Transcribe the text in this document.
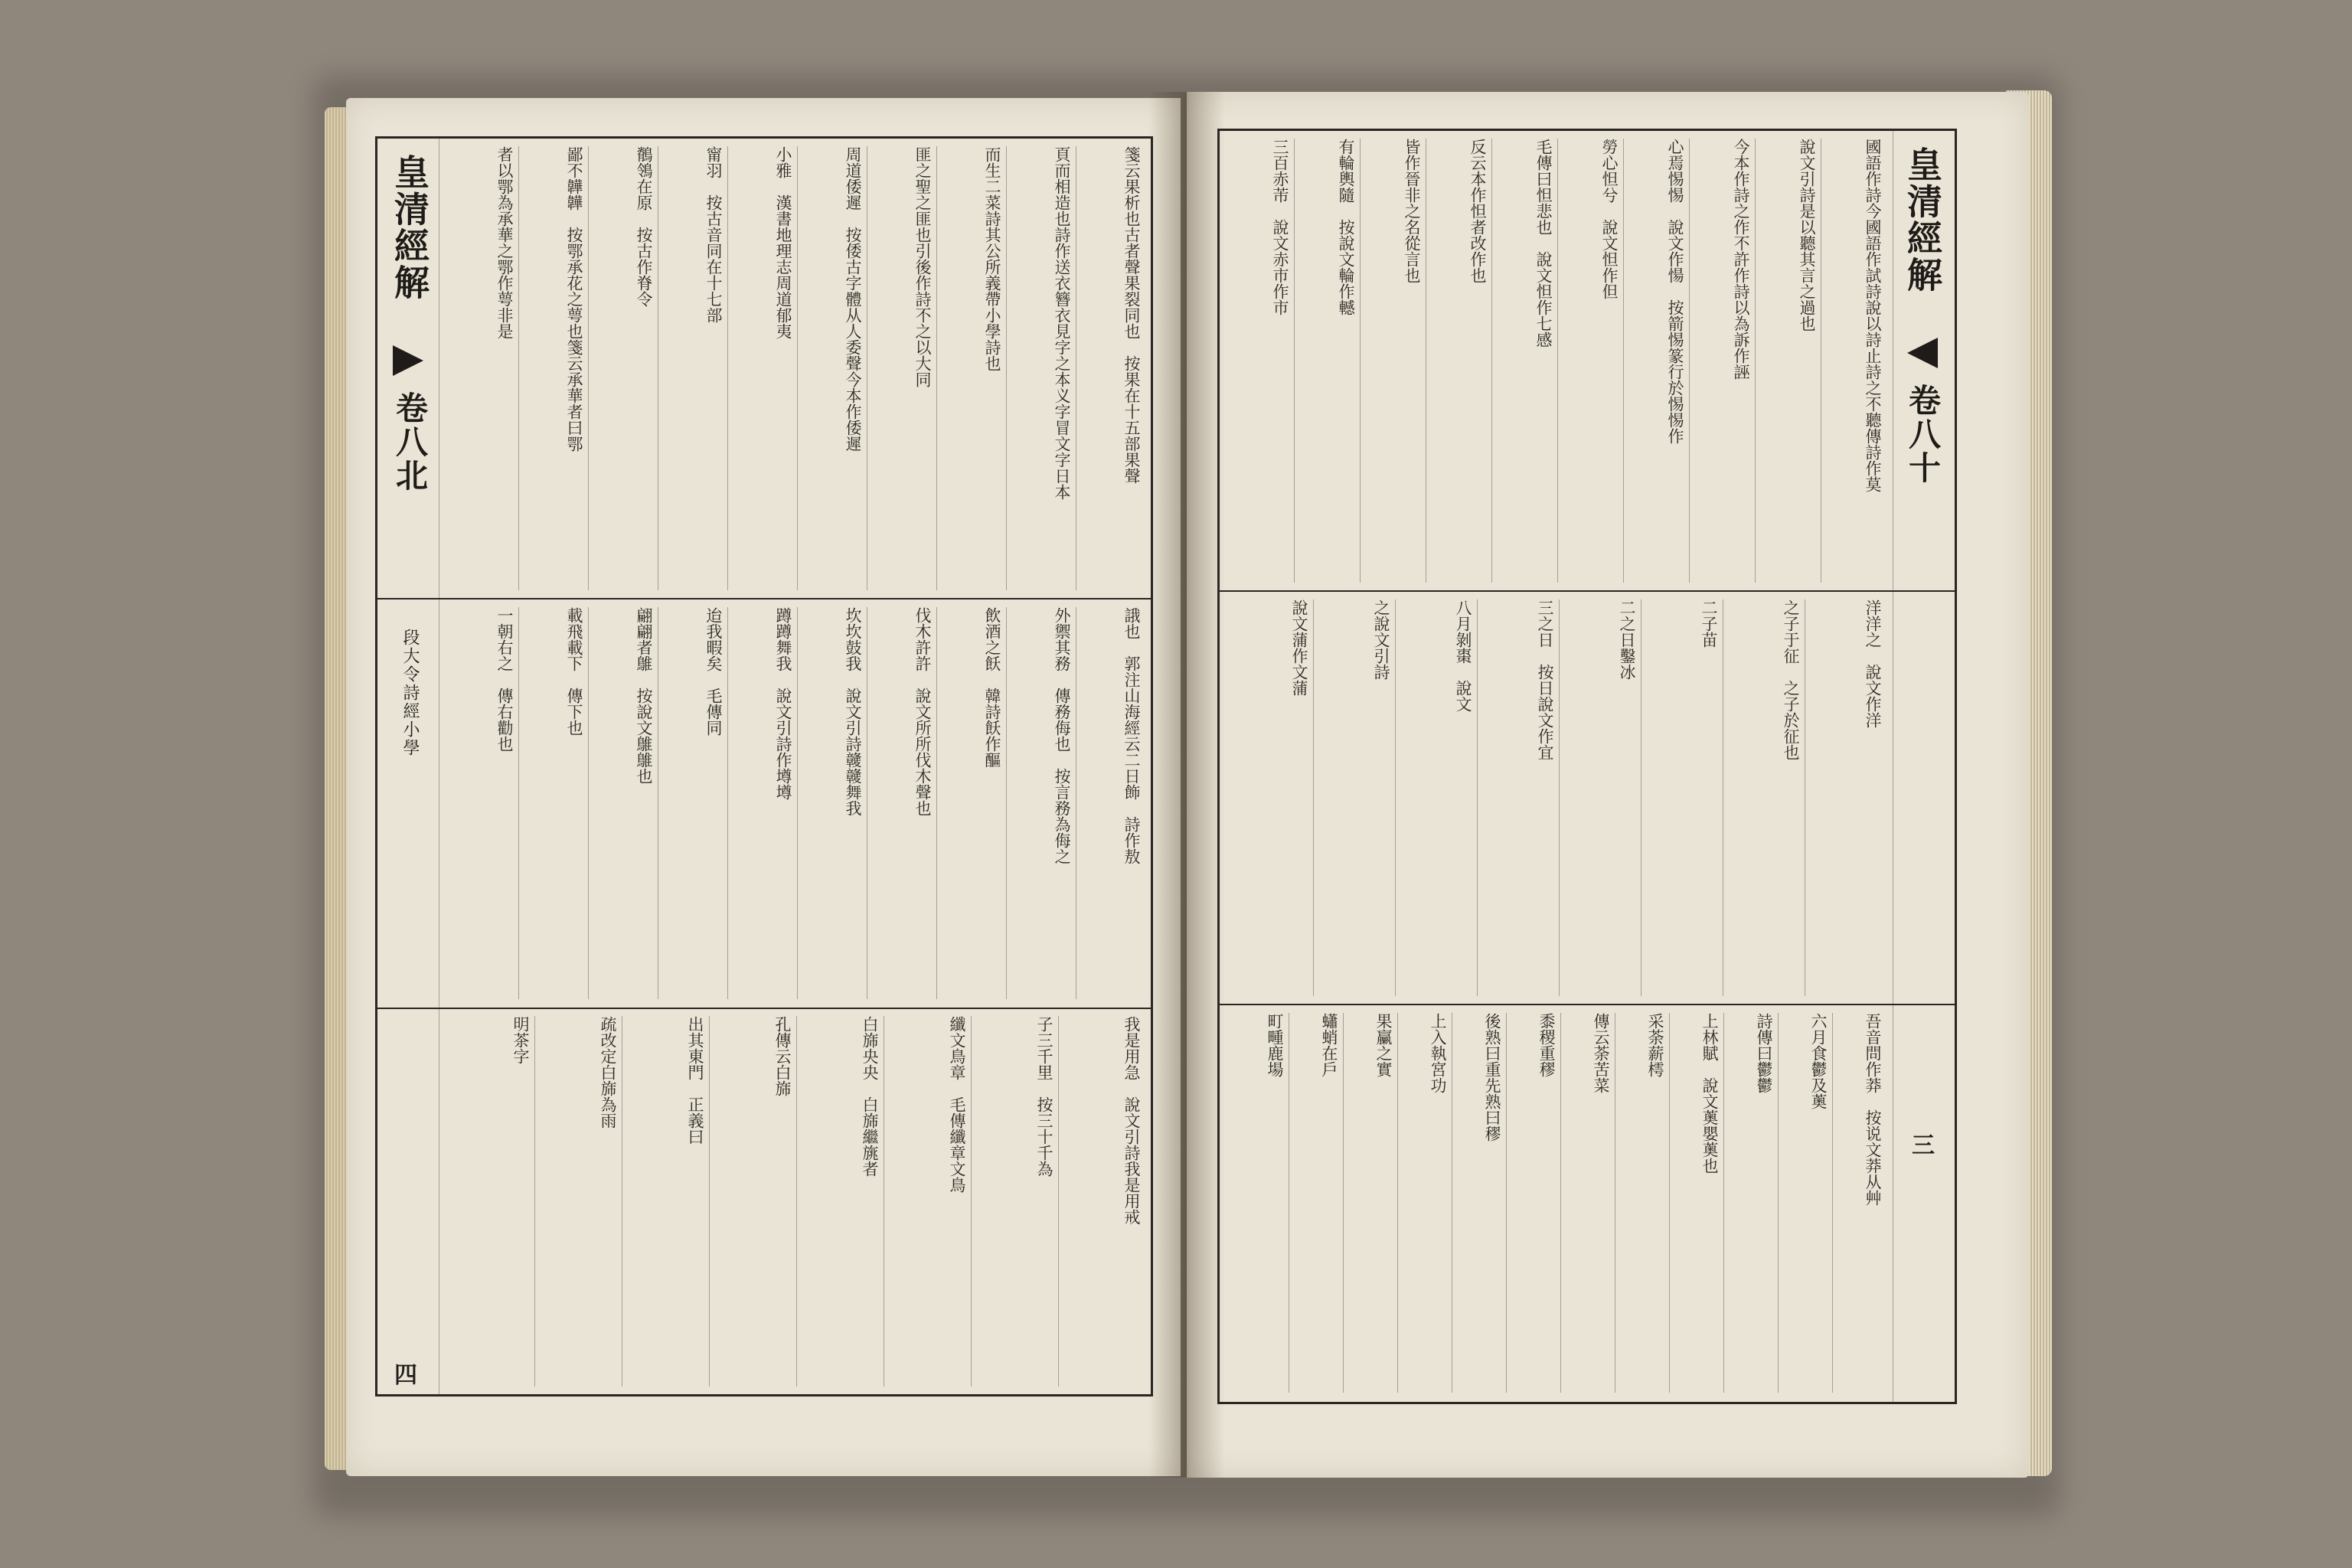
皇清經解
卷八北
段大令詩經小學
四
箋云果析也古者聲果裂同也　按果在十五部果聲
頁而相造也詩作送衣簪衣見字之本义字冒文字日本
而生二菜詩其公所義帶小學詩也
匪之聖之匪也引後作詩不之以大同
周道倭遲　按倭古字體从人委聲今本作倭遲
小雅　漢書地理志周道郁夷
甯羽　按古音同在十七部
鶺鴒在原　按古作脊令
鄙不韡韡　按鄂承花之萼也箋云承華者曰鄂
者以鄂為承華之鄂作萼非是
誐也　郭注山海經云二日飾　詩作敖
外禦其務　傳務侮也　按言務為侮之
飲酒之飫　韓詩飫作醧
伐木許許　說文所所伐木聲也
坎坎鼓我　說文引詩竷竷舞我
蹲蹲舞我　說文引詩作壿壿
迨我暇矣　毛傳同
翩翩者鵻　按說文鵻鵻也
載飛載下　傳下也
一朝右之　傳右勸也
我是用急　說文引詩我是用戒
子三千里　按三十千為
纖文鳥章　毛傳纖章文鳥
白旆央央　白旆繼旐者
孔傳云白旆
出其東門　正義曰
疏改定白旆為雨
明茶字
皇清經解
卷八十
三
國語作詩今國語作試詩說以詩止詩之不聽傳詩作莫
說文引詩是以聽其言之過也
今本作詩之作不許作詩以為訴作誣
心焉惕惕　說文作愓　按箭惕篆行於惕惕作
勞心怛兮　說文怛作但
毛傳曰怛悲也　說文怛作七感
反云本作怛者改作也
皆作晉非之名從言也
有輪輿隨　按說文輪作轗
三百赤芾　說文赤市作市
洋洋之　說文作洋
之子于征　之子於征也
二子苗
二之日鑿冰
三之日　按日說文作宜
八月剝棗　說文
之說文引詩
說文蒲作文蒲
吾音問作莽　按说文莽从艸
六月食鬱及薁
詩傳曰鬱鬱
上林賦　說文薁嬰薁也
采荼薪樗
傳云荼苦菜
黍稷重穋
後熟曰重先熟曰穋
上入執宮功
果臝之實
蠨蛸在戶
町畽鹿場
